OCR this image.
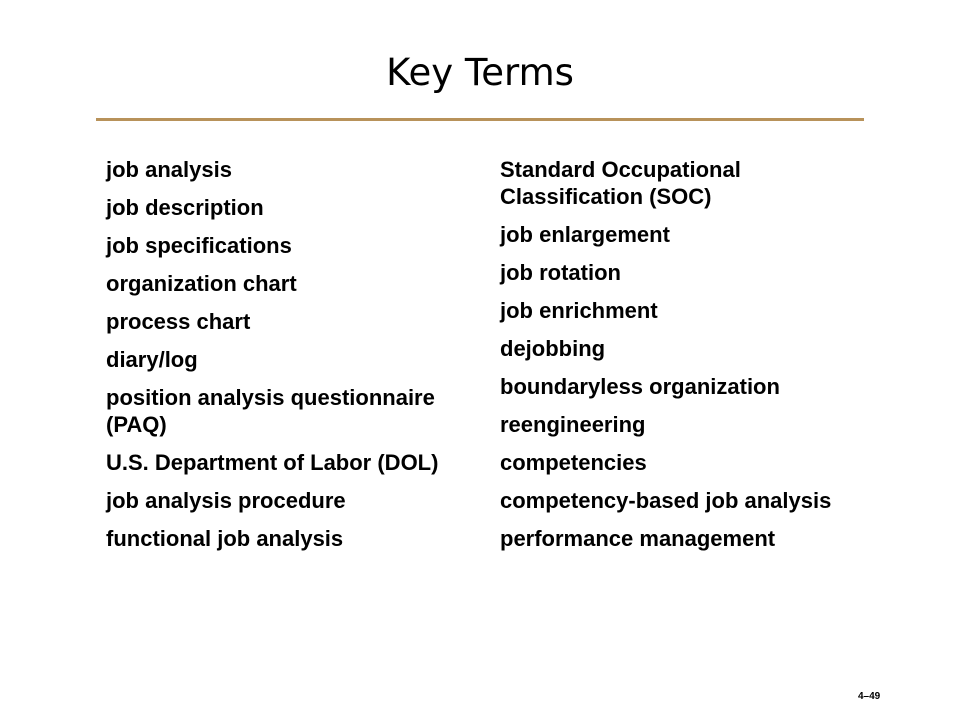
Key Terms
job analysis
job description
job specifications
organization chart
process chart
diary/log
position analysis questionnaire (PAQ)
U.S. Department of Labor (DOL)
job analysis procedure
functional job analysis
Standard Occupational Classification (SOC)
job enlargement
job rotation
job enrichment
dejobbing
boundaryless organization
reengineering
competencies
competency-based job analysis
performance management
4–49
